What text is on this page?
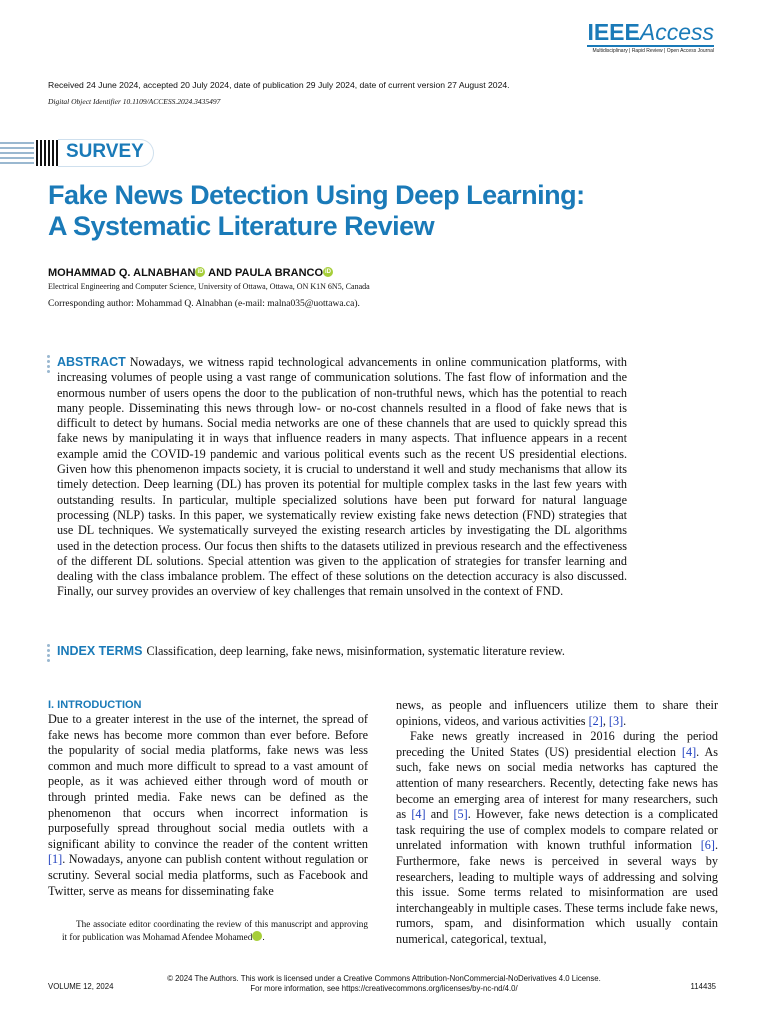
IEEEAccess
Multidisciplinary | Rapid Review | Open Access Journal
Received 24 June 2024, accepted 20 July 2024, date of publication 29 July 2024, date of current version 27 August 2024.
Digital Object Identifier 10.1109/ACCESS.2024.3435497
SURVEY
Fake News Detection Using Deep Learning:
A Systematic Literature Review
MOHAMMAD Q. ALNABHAN iD AND PAULA BRANCO iD
Electrical Engineering and Computer Science, University of Ottawa, Ottawa, ON K1N 6N5, Canada
Corresponding author: Mohammad Q. Alnabhan (e-mail: malna035@uottawa.ca).
ABSTRACT Nowadays, we witness rapid technological advancements in online communication platforms, with increasing volumes of people using a vast range of communication solutions. The fast flow of information and the enormous number of users opens the door to the publication of non-truthful news, which has the potential to reach many people. Disseminating this news through low- or no-cost channels resulted in a flood of fake news that is difficult to detect by humans. Social media networks are one of these channels that are used to quickly spread this fake news by manipulating it in ways that influence readers in many aspects. That influence appears in a recent example amid the COVID-19 pandemic and various political events such as the recent US presidential elections. Given how this phenomenon impacts society, it is crucial to understand it well and study mechanisms that allow its timely detection. Deep learning (DL) has proven its potential for multiple complex tasks in the last few years with outstanding results. In particular, multiple specialized solutions have been put forward for natural language processing (NLP) tasks. In this paper, we systematically review existing fake news detection (FND) strategies that use DL techniques. We systematically surveyed the existing research articles by investigating the DL algorithms used in the detection process. Our focus then shifts to the datasets utilized in previous research and the effectiveness of the different DL solutions. Special attention was given to the application of strategies for transfer learning and dealing with the class imbalance problem. The effect of these solutions on the detection accuracy is also discussed. Finally, our survey provides an overview of key challenges that remain unsolved in the context of FND.
INDEX TERMS Classification, deep learning, fake news, misinformation, systematic literature review.
I. INTRODUCTION

Due to a greater interest in the use of the internet, the spread of fake news has become more common than ever before. Before the popularity of social media platforms, fake news was less common and much more difficult to spread to a vast amount of people, as it was achieved either through word of mouth or through printed media. Fake news can be defined as the phenomenon that occurs when incorrect information is purposefully spread throughout social media outlets with a significant ability to convince the reader of the content written [1]. Nowadays, anyone can publish content without regulation or scrutiny. Several social media platforms, such as Facebook and Twitter, serve as means for disseminating fake

news, as people and influencers utilize them to share their opinions, videos, and various activities [2], [3].

Fake news greatly increased in 2016 during the period preceding the United States (US) presidential election [4]. As such, fake news on social media networks has captured the attention of many researchers. Recently, detecting fake news has become an emerging area of interest for many researchers, such as [4] and [5]. However, fake news detection is a complicated task requiring the use of complex models to compare related or unrelated information with known truthful information [6]. Furthermore, fake news is perceived in several ways by researchers, leading to multiple ways of addressing and solving this issue. Some terms related to misinformation are used interchangeably in multiple cases. These terms include fake news, rumors, spam, and disinformation which usually contain numerical, categorical, textual,

The associate editor coordinating the review of this manuscript and approving it for publication was Mohamad Afendee Mohamed iD.
© 2024 The Authors. This work is licensed under a Creative Commons Attribution-NonCommercial-NoDerivatives 4.0 License.
For more information, see https://creativecommons.org/licenses/by-nc-nd/4.0/
VOLUME 12, 2024	114435
